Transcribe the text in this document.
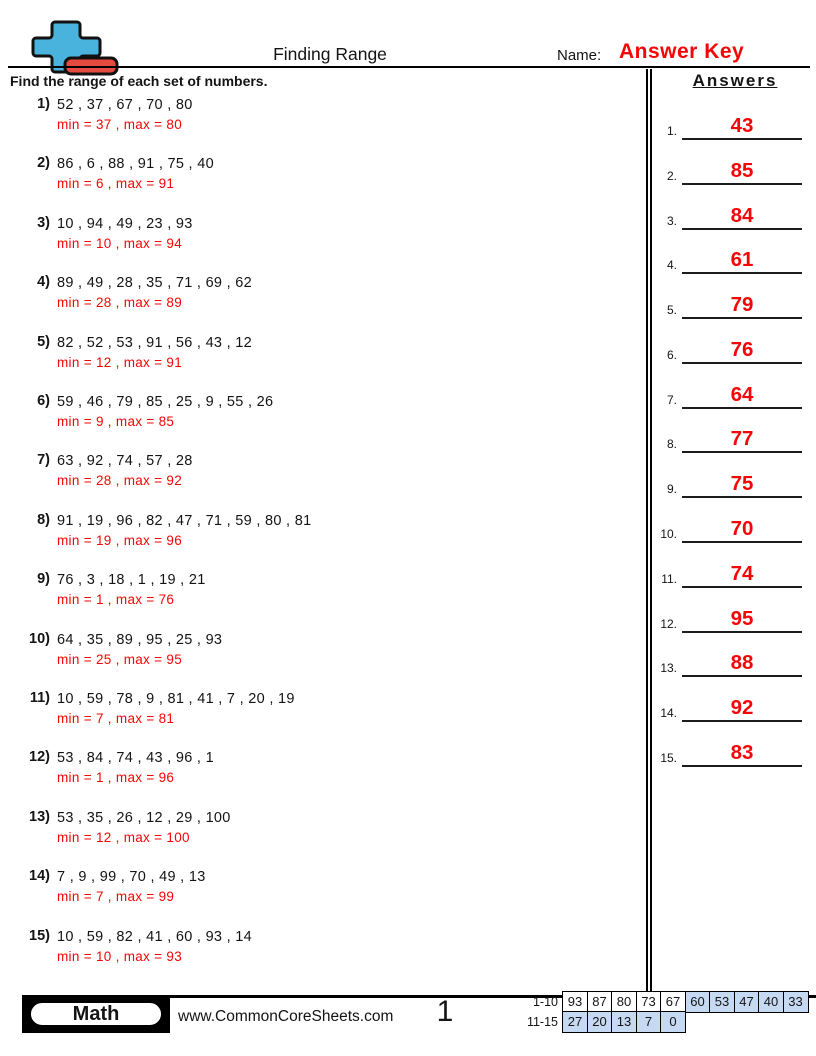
Finding Range	Name: Answer Key
Find the range of each set of numbers.	Answers
1.	43
2.	85
3.	84
4.	61
5.	79
6.	76
7.	64
8.	77
9.	75
10.	70
11.	74
12.	95
13.	88
14.	92
15.	83
1) 52 , 37 , 67 , 70 , 80
min = 37 , max = 80
2) 86 , 6 , 88 , 91 , 75 , 40
min = 6 , max = 91
3) 10 , 94 , 49 , 23 , 93
min = 10 , max = 94
4) 89 , 49 , 28 , 35 , 71 , 69 , 62
min = 28 , max = 89
5) 82 , 52 , 53 , 91 , 56 , 43 , 12
min = 12 , max = 91
6) 59 , 46 , 79 , 85 , 25 , 9 , 55 , 26
min = 9 , max = 85
7) 63 , 92 , 74 , 57 , 28
min = 28 , max = 92
8) 91 , 19 , 96 , 82 , 47 , 71 , 59 , 80 , 81
min = 19 , max = 96
9) 76 , 3 , 18 , 1 , 19 , 21
min = 1 , max = 76
10) 64 , 35 , 89 , 95 , 25 , 93
min = 25 , max = 95
11) 10 , 59 , 78 , 9 , 81 , 41 , 7 , 20 , 19
min = 7 , max = 81
12) 53 , 84 , 74 , 43 , 96 , 1
min = 1 , max = 96
13) 53 , 35 , 26 , 12 , 29 , 100
min = 12 , max = 100
14) 7 , 9 , 99 , 70 , 49 , 13
min = 7 , max = 99
15) 10 , 59 , 82 , 41 , 60 , 93 , 14
min = 10 , max = 93
Math	www.CommonCoreSheets.com	1	1-10 93 87 80 73 67 60 53 47 40 33
11-15 27 20 13	7	0
